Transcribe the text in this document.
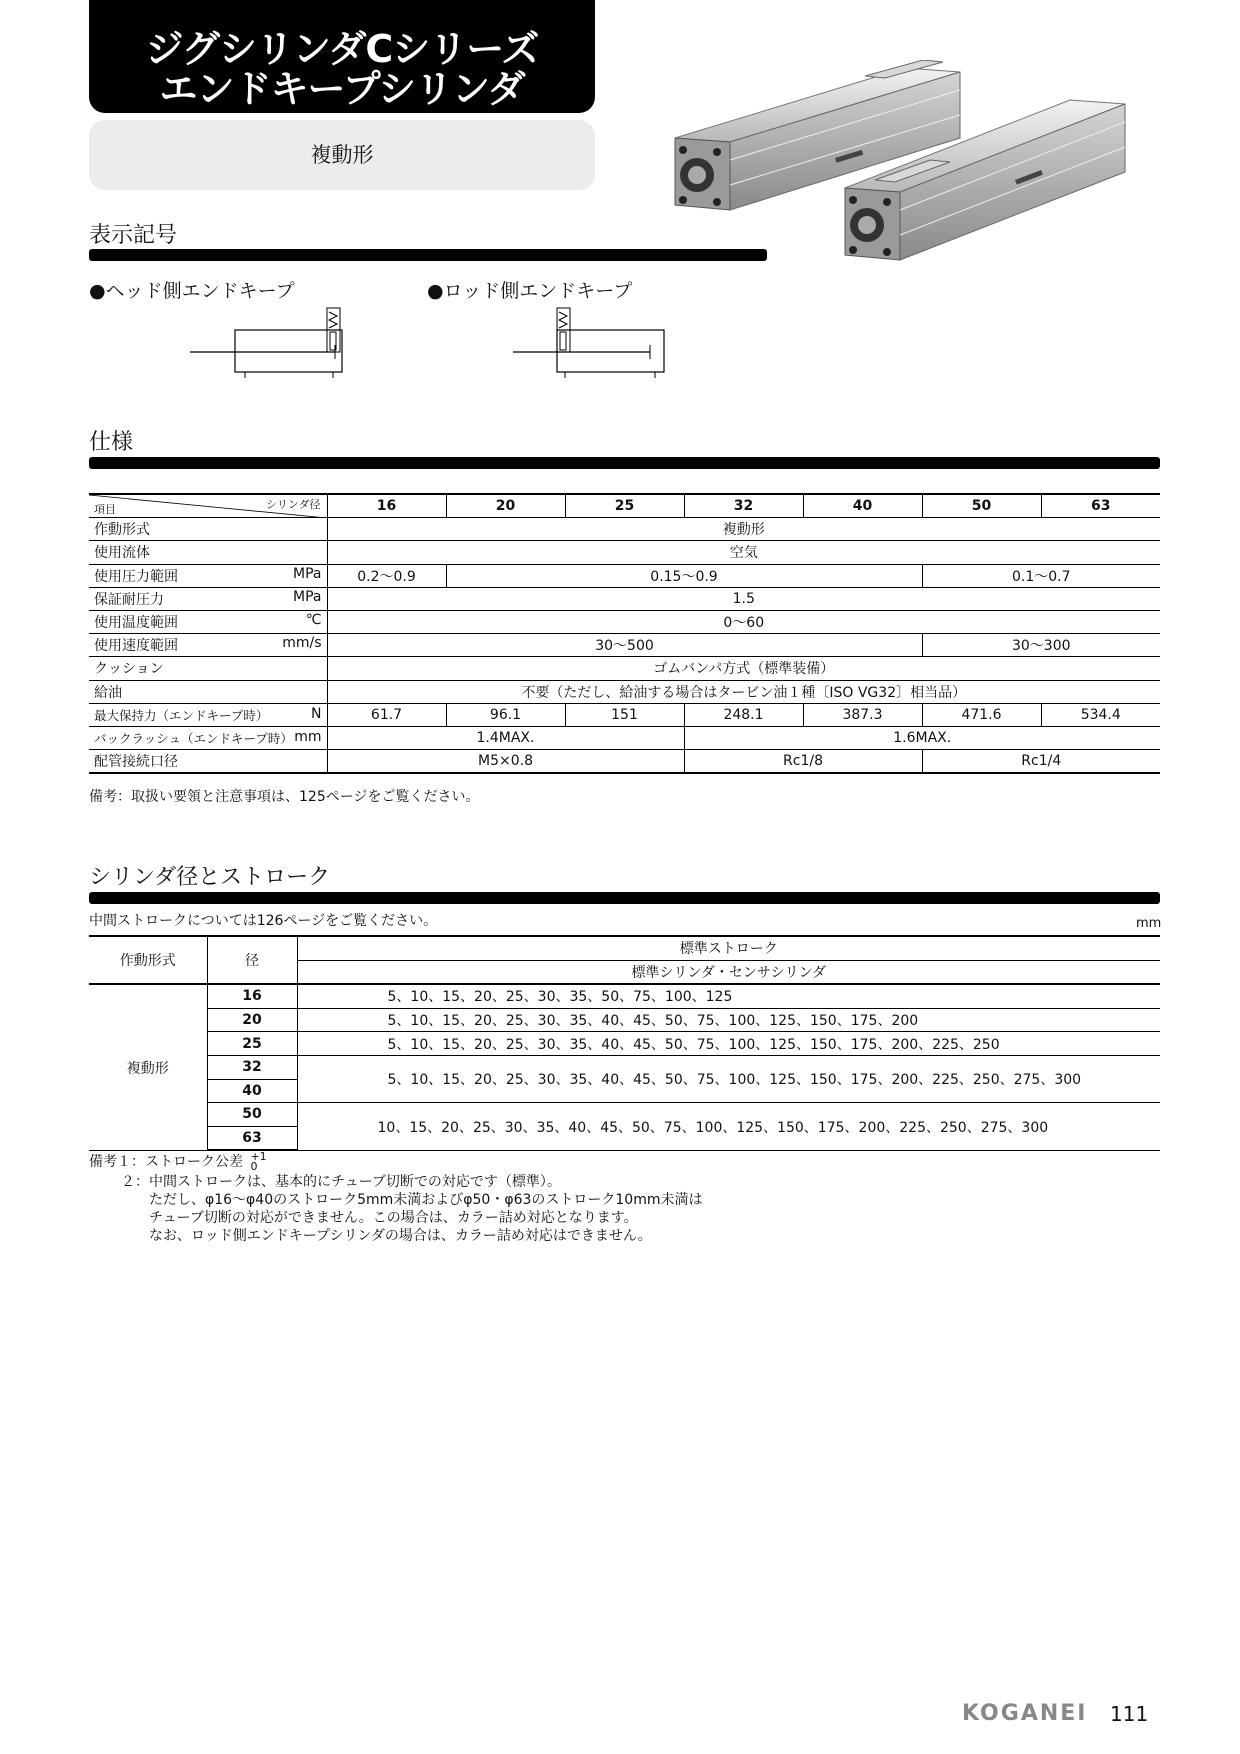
ジグシリンダCシリーズ
エンドキープシリンダ
複動形
表示記号
●ヘッド側エンドキープ	●ロッド側エンドキープ
仕様
シリンダ径
項目	16	20	25	32	40	50	63

作動形式	複動形						

使用流体	空気						

使用圧力範囲 MPa	0.2〜0.9	0.15〜0.9				0.1〜0.7	

保証耐圧力 MPa	1.5						

使用温度範囲 ℃	0〜60						

使用速度範囲 mm/s	30〜500					30〜300	

クッション	ゴムバンパ方式（標準装備）						

給油	不要（ただし、給油する場合はタービン油１種〔ISO VG32〕相当品）						

最大保持力（エンドキープ時） N	61.7	96.1	151	248.1	387.3	471.6	534.4

バックラッシュ（エンドキープ時） mm	1.4MAX.			1.6MAX.			

配管接続口径	M5×0.8			Rc1/8		Rc1/4	
備考：取扱い要領と注意事項は、125ページをご覧ください。
シリンダ径とストローク
中間ストロークについては126ページをご覧ください。	mm
作動形式	径	標準ストローク
		標準シリンダ・センサシリンダ
複動形	16	5、10、15、20、25、30、35、50、75、100、125
	20	5、10、15、20、25、30、35、40、45、50、75、100、125、150、175、200
	25	5、10、15、20、25、30、35、40、45、50、75、100、125、150、175、200、225、250
	32	5、10、15、20、25、30、35、40、45、50、75、100、125、150、175、200、225、250、275、300
	40	
	50	10、15、20、25、30、35、40、45、50、75、100、125、150、175、200、225、250、275、300
	63	
備考１：ストローク公差 +1
0
２： 中間ストロークは、基本的にチューブ切断での対応です（標準）。
ただし、φ16〜φ40のストローク5mm未満およびφ50・φ63のストローク10mm未満は
チューブ切断の対応ができません。この場合は、カラー詰め対応となります。
なお、ロッド側エンドキープシリンダの場合は、カラー詰め対応はできません。
KOGANEI 111
